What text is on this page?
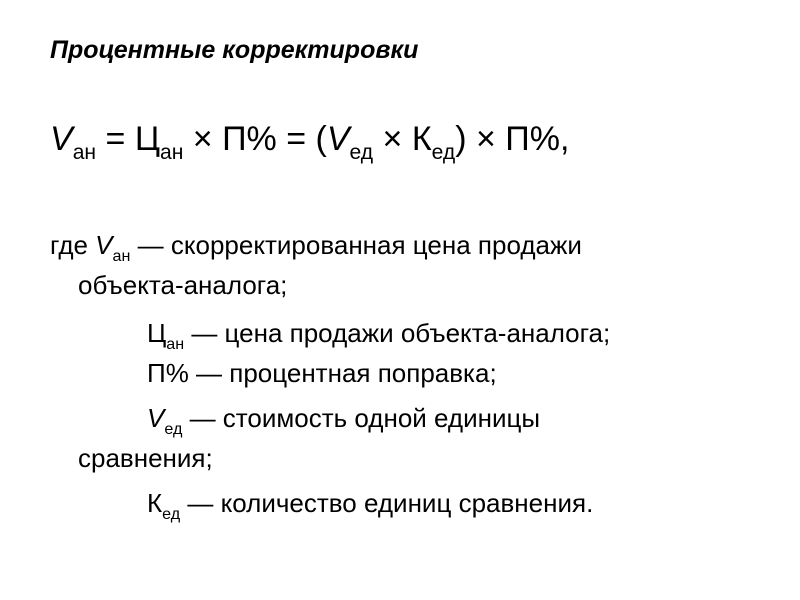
Процентные корректировки
$V_{ан} = Ц_{ан} \times П\% = (V_{ед} \times К_{ед}) \times П\%$,
где $V_{ан}$ — скорректированная цена продажи
объекта-аналога;
$Ц_{ан}$ — цена продажи объекта-аналога;
П% — процентная поправка;
$V_{ед}$ — стоимость одной единицы
сравнения;
$К_{ед}$ — количество единиц сравнения.
